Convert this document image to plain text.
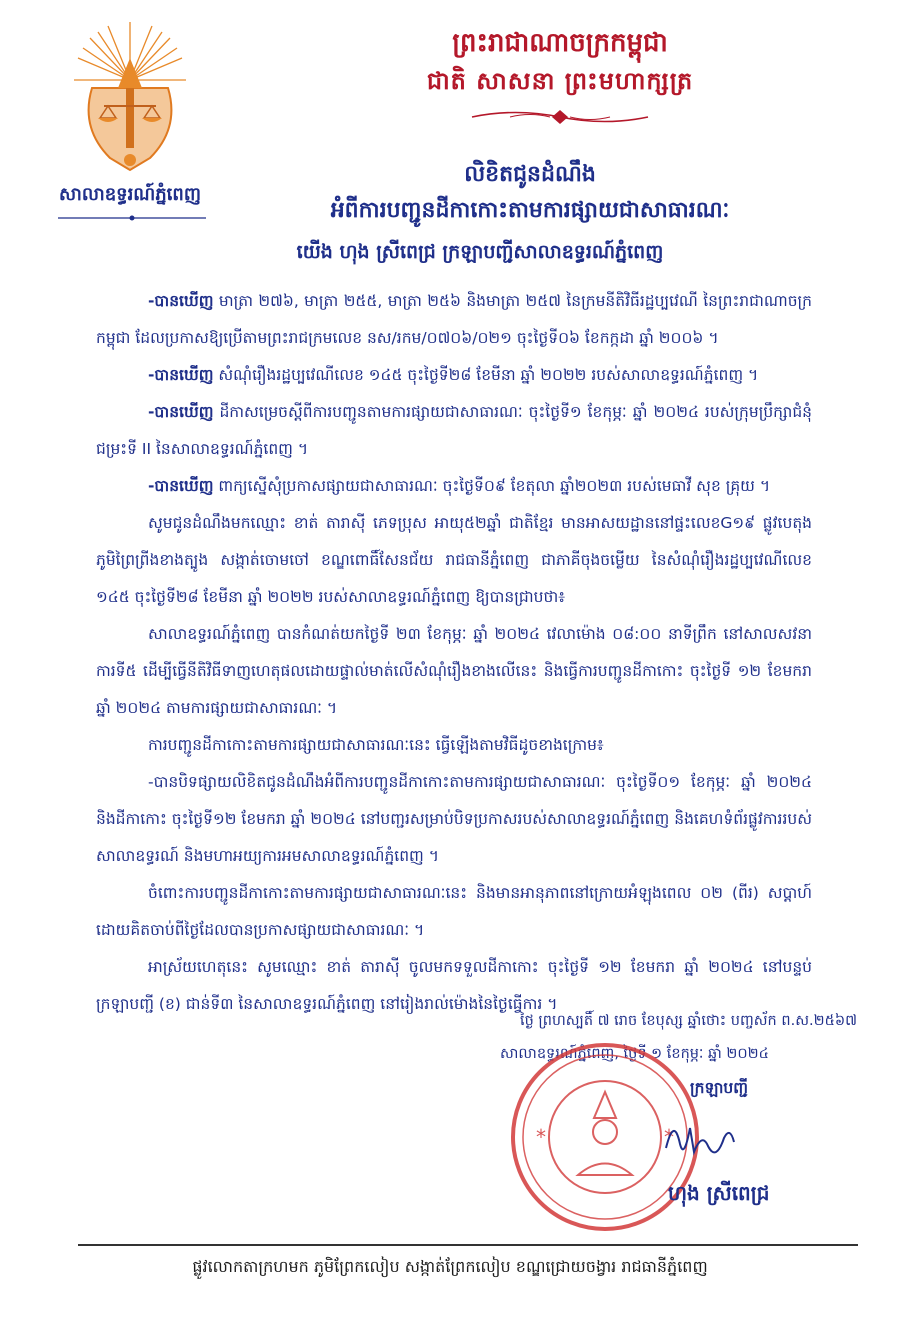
សាលាឧទ្ធរណ៍ភ្នំពេញ
ព្រះរាជាណាចក្រកម្ពុជា
ជាតិ សាសនា ព្រះមហាក្សត្រ
លិខិតជូនដំណឹង
អំពីការបញ្ជូនដីកាកោះតាមការផ្សាយជាសាធារណៈ
យើង ហុង ស្រីពេជ្រ ក្រឡាបញ្ជីសាលាឧទ្ធរណ៍ភ្នំពេញ

-បានឃើញ មាត្រា ២៧៦, មាត្រា ២៥៥, មាត្រា ២៥៦ និងមាត្រា ២៥៧ នៃក្រមនីតិវិធីរដ្ឋប្បវេណី នៃព្រះរាជាណាចក្រកម្ពុជា ដែលប្រកាសឱ្យប្រើតាមព្រះរាជក្រមលេខ នស/រកម/០៧០៦/០២១ ចុះថ្ងៃទី០៦ ខែកក្កដា ឆ្នាំ ២០០៦ ។

-បានឃើញ សំណុំរឿងរដ្ឋប្បវេណីលេខ ១៤៥ ចុះថ្ងៃទី២៨ ខែមីនា ឆ្នាំ ២០២២ របស់សាលាឧទ្ធរណ៍ភ្នំពេញ ។

-បានឃើញ ដីកាសម្រេចស្តីពីការបញ្ជូនតាមការផ្សាយជាសាធារណៈ ចុះថ្ងៃទី១ ខែកុម្ភៈ ឆ្នាំ ២០២៤ របស់ក្រុមប្រឹក្សាជំនុំជម្រះទី II នៃសាលាឧទ្ធរណ៍ភ្នំពេញ ។

-បានឃើញ ពាក្យស្នើសុំប្រកាសផ្សាយជាសាធារណៈ ចុះថ្ងៃទី០៩ ខែតុលា ឆ្នាំ២០២៣ របស់មេធាវី សុខ គ្រុយ ។

សូមជូនដំណឹងមកឈ្មោះ ខាត់ តារាស៊ី ភេទប្រុស អាយុ៥២ឆ្នាំ ជាតិខ្មែរ មានអាសយដ្ឋាននៅផ្ទះលេខG១៩ ផ្លូវបេតុង ភូមិព្រៃព្រីងខាងត្បូង សង្កាត់ចោមចៅ ខណ្ឌពោធិ៍សែនជ័យ រាជធានីភ្នំពេញ ជាភាគីចុងចម្លើយ នៃសំណុំរឿងរដ្ឋប្បវេណីលេខ ១៤៥ ចុះថ្ងៃទី២៨ ខែមីនា ឆ្នាំ ២០២២ របស់សាលាឧទ្ធរណ៍ភ្នំពេញ ឱ្យបានជ្រាបថា៖

សាលាឧទ្ធរណ៍ភ្នំពេញ បានកំណត់យកថ្ងៃទី ២៣ ខែកុម្ភៈ ឆ្នាំ ២០២៤ វេលាម៉ោង ០៨:០០ នាទីព្រឹក នៅសាលសវនាការទី៥ ដើម្បីធ្វើនីតិវិធីទាញហេតុផលដោយផ្ទាល់មាត់លើសំណុំរឿងខាងលើនេះ និងធ្វើការបញ្ជូនដីកាកោះ ចុះថ្ងៃទី ១២ ខែមករា ឆ្នាំ ២០២៤ តាមការផ្សាយជាសាធារណៈ ។

ការបញ្ជូនដីកាកោះតាមការផ្សាយជាសាធារណៈនេះ ធ្វើឡើងតាមវិធីដូចខាងក្រោម៖

-បានបិទផ្សាយលិខិតជូនដំណឹងអំពីការបញ្ជូនដីកាកោះតាមការផ្សាយជាសាធារណៈ ចុះថ្ងៃទី០១ ខែកុម្ភៈ ឆ្នាំ ២០២៤ និងដីកាកោះ ចុះថ្ងៃទី១២ ខែមករា ឆ្នាំ ២០២៤ នៅបញ្ជរសម្រាប់បិទប្រកាសរបស់សាលាឧទ្ធរណ៍ភ្នំពេញ និងគេហទំព័រផ្លូវការរបស់សាលាឧទ្ធរណ៍ និងមហាអយ្យការអមសាលាឧទ្ធរណ៍ភ្នំពេញ ។

ចំពោះការបញ្ជូនដីកាកោះតាមការផ្សាយជាសាធារណៈនេះ និងមានអានុភាពនៅក្រោយអំឡុងពេល ០២ (ពីរ) សប្តាហ៍ ដោយគិតចាប់ពីថ្ងៃដែលបានប្រកាសផ្សាយជាសាធារណៈ ។

អាស្រ័យហេតុនេះ សូមឈ្មោះ ខាត់ តារាស៊ី ចូលមកទទួលដីកាកោះ ចុះថ្ងៃទី ១២ ខែមករា ឆ្នាំ ២០២៤ នៅបន្ទប់ក្រឡាបញ្ជី (ខ) ជាន់ទី៣ នៃសាលាឧទ្ធរណ៍ភ្នំពេញ នៅរៀងរាល់ម៉ោងនៃថ្ងៃធ្វើការ ។

ថ្ងៃ ព្រហស្បតិ៍ ៧ រោច ខែបុស្ស ឆ្នាំថោះ បញ្ចស័ក ព.ស.២៥៦៧
សាលាឧទ្ធរណ៍ភ្នំពេញ, ថ្ងៃទី ១ ខែកុម្ភៈ ឆ្នាំ ២០២៤
*	*
ក្រឡាបញ្ជី
ហុង ស្រីពេជ្រ
ផ្លូវលោកតាក្រហមក ភូមិព្រែកលៀប សង្កាត់ព្រែកលៀប ខណ្ឌជ្រោយចង្វារ រាជធានីភ្នំពេញ
